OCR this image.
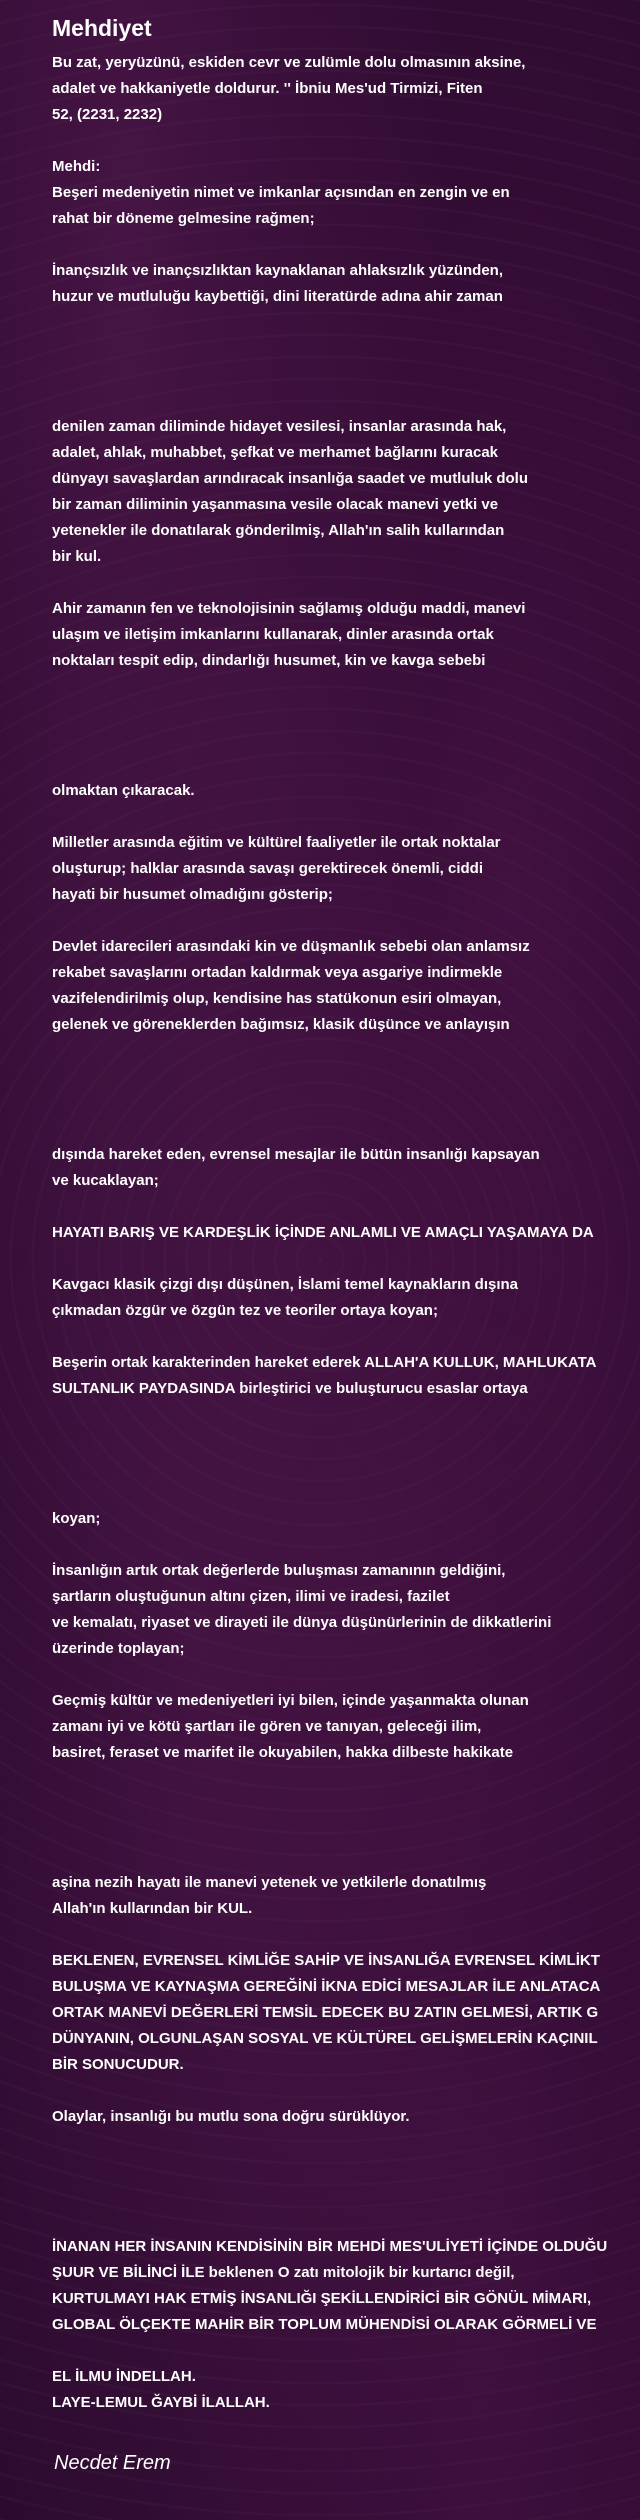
Mehdiyet
Bu zat, yeryüzünü, eskiden cevr ve zulümle dolu olmasının aksine,
adalet ve hakkaniyetle doldurur. '' İbniu Mes'ud Tirmizi, Fiten
52, (2231, 2232)
Mehdi:
Beşeri medeniyetin nimet ve imkanlar açısından en zengin ve en
rahat bir döneme gelmesine rağmen;
İnançsızlık ve inançsızlıktan kaynaklanan ahlaksızlık yüzünden,
huzur ve mutluluğu kaybettiği, dini literatürde adına ahir zaman
denilen zaman diliminde hidayet vesilesi, insanlar arasında hak,
adalet, ahlak, muhabbet, şefkat ve merhamet bağlarını kuracak
dünyayı savaşlardan arındıracak insanlığa saadet ve mutluluk dolu
bir zaman diliminin yaşanmasına vesile olacak manevi yetki ve
yetenekler ile donatılarak gönderilmiş, Allah'ın salih kullarından
bir kul.
Ahir zamanın fen ve teknolojisinin sağlamış olduğu maddi, manevi
ulaşım ve iletişim imkanlarını kullanarak, dinler arasında ortak
noktaları tespit edip, dindarlığı husumet, kin ve kavga sebebi
olmaktan çıkaracak.
Milletler arasında eğitim ve kültürel faaliyetler ile ortak noktalar
oluşturup; halklar arasında savaşı gerektirecek önemli, ciddi
hayati bir husumet olmadığını gösterip;
Devlet idarecileri arasındaki kin ve düşmanlık sebebi olan anlamsız
rekabet savaşlarını ortadan kaldırmak veya asgariye indirmekle
vazifelendirilmiş olup, kendisine has statükonun esiri olmayan,
gelenek ve göreneklerden bağımsız, klasik düşünce ve anlayışın
dışında hareket eden, evrensel mesajlar ile bütün insanlığı kapsayan
ve kucaklayan;
HAYATI BARIŞ VE KARDEŞLİK İÇİNDE ANLAMLI VE AMAÇLI YAŞAMAYA DA
Kavgacı klasik çizgi dışı düşünen, İslami temel kaynakların dışına
çıkmadan özgür ve özgün tez ve teoriler ortaya koyan;
Beşerin ortak karakterinden hareket ederek ALLAH'A KULLUK, MAHLUKATA
SULTANLIK PAYDASINDA birleştirici ve buluşturucu esaslar ortaya
koyan;
İnsanlığın artık ortak değerlerde buluşması zamanının geldiğini,
şartların oluştuğunun altını çizen, ilimi ve iradesi, fazilet
ve kemalatı, riyaset ve dirayeti ile dünya düşünürlerinin de dikkatlerini
üzerinde toplayan;
Geçmiş kültür ve medeniyetleri iyi bilen, içinde yaşanmakta olunan
zamanı iyi ve kötü şartları ile gören ve tanıyan, geleceği ilim,
basiret, feraset ve marifet ile okuyabilen, hakka dilbeste hakikate
aşina nezih hayatı ile manevi yetenek ve yetkilerle donatılmış
Allah'ın kullarından bir KUL.
BEKLENEN, EVRENSEL KİMLİĞE SAHİP VE İNSANLIĞA EVRENSEL KİMLİKT
BULUŞMA VE KAYNAŞMA GEREĞİNİ İKNA EDİCİ MESAJLAR İLE ANLATACA
ORTAK MANEVİ DEĞERLERİ TEMSİL EDECEK BU ZATIN GELMESİ, ARTIK G
DÜNYANIN, OLGUNLAŞAN SOSYAL VE KÜLTÜREL GELİŞMELERİN KAÇINIL
BİR SONUCUDUR.
Olaylar, insanlığı bu mutlu sona doğru sürüklüyor.
İNANAN HER İNSANIN KENDİSİNİN BİR MEHDİ MES'ULİYETİ İÇİNDE OLDUĞU
ŞUUR VE BİLİNCİ İLE beklenen O zatı mitolojik bir kurtarıcı değil,
KURTULMAYI HAK ETMİŞ İNSANLIĞI ŞEKİLLENDİRİCİ BİR GÖNÜL MİMARI,
GLOBAL ÖLÇEKTE MAHİR BİR TOPLUM MÜHENDİSİ OLARAK GÖRMELİ VE
EL İLMU İNDELLAH.
LAYE-LEMUL ĞAYBİ İLALLAH.
Necdet Erem
